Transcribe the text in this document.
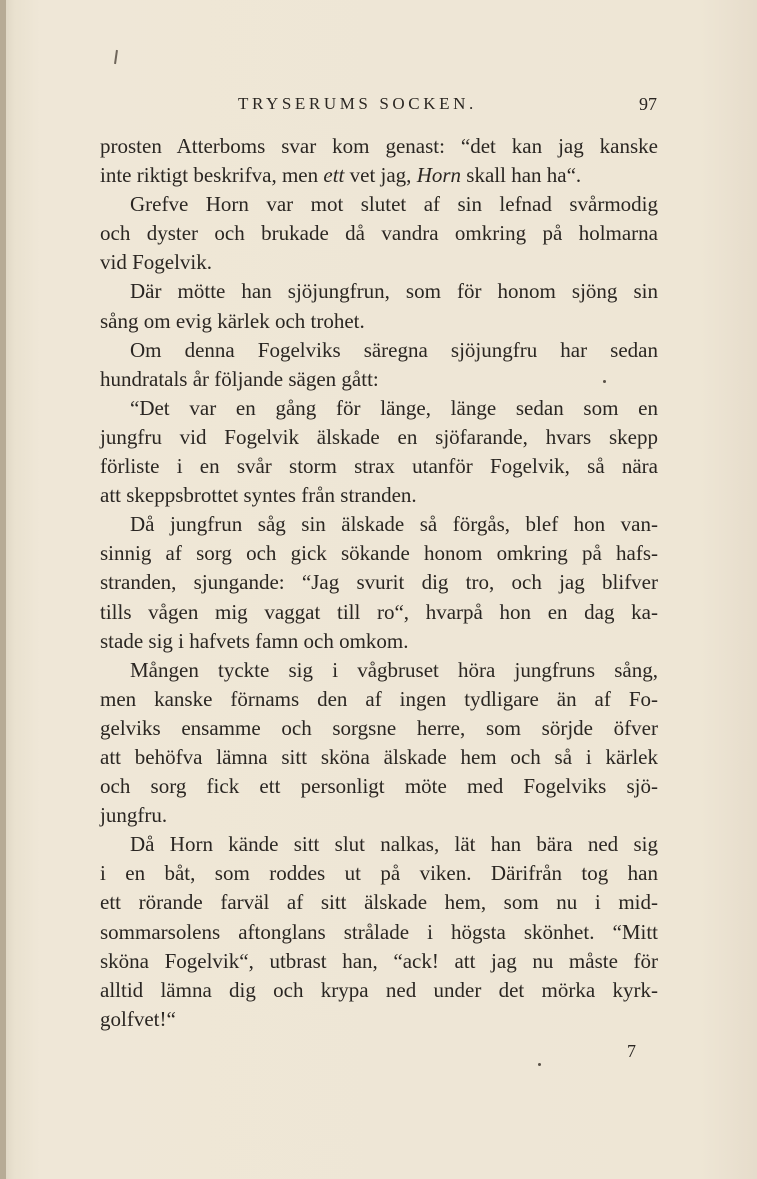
TRYSERUMS SOCKEN.	97
prosten Atterboms svar kom genast: “det kan jag kanske
inte riktigt beskrifva, men ett vet jag, Horn skall han ha“.
Grefve Horn var mot slutet af sin lefnad svårmodig
och dyster och brukade då vandra omkring på holmarna
vid Fogelvik.
Där mötte han sjöjungfrun, som för honom sjöng sin
sång om evig kärlek och trohet.
Om denna Fogelviks säregna sjöjungfru har sedan
hundratals år följande sägen gått:
“Det var en gång för länge, länge sedan som en
jungfru vid Fogelvik älskade en sjöfarande, hvars skepp
förliste i en svår storm strax utanför Fogelvik, så nära
att skeppsbrottet syntes från stranden.
Då jungfrun såg sin älskade så förgås, blef hon van-
sinnig af sorg och gick sökande honom omkring på hafs-
stranden, sjungande: “Jag svurit dig tro, och jag blifver
tills vågen mig vaggat till ro“, hvarpå hon en dag ka-
stade sig i hafvets famn och omkom.
Mången tyckte sig i vågbruset höra jungfruns sång,
men kanske förnams den af ingen tydligare än af Fo-
gelviks ensamme och sorgsne herre, som sörjde öfver
att behöfva lämna sitt sköna älskade hem och så i kärlek
och sorg fick ett personligt möte med Fogelviks sjö-
jungfru.
Då Horn kände sitt slut nalkas, lät han bära ned sig
i en båt, som roddes ut på viken. Därifrån tog han
ett rörande farväl af sitt älskade hem, som nu i mid-
sommarsolens aftonglans strålade i högsta skönhet. “Mitt
sköna Fogelvik“, utbrast han, “ack! att jag nu måste för
alltid lämna dig och krypa ned under det mörka kyrk-
golfvet!“
7
